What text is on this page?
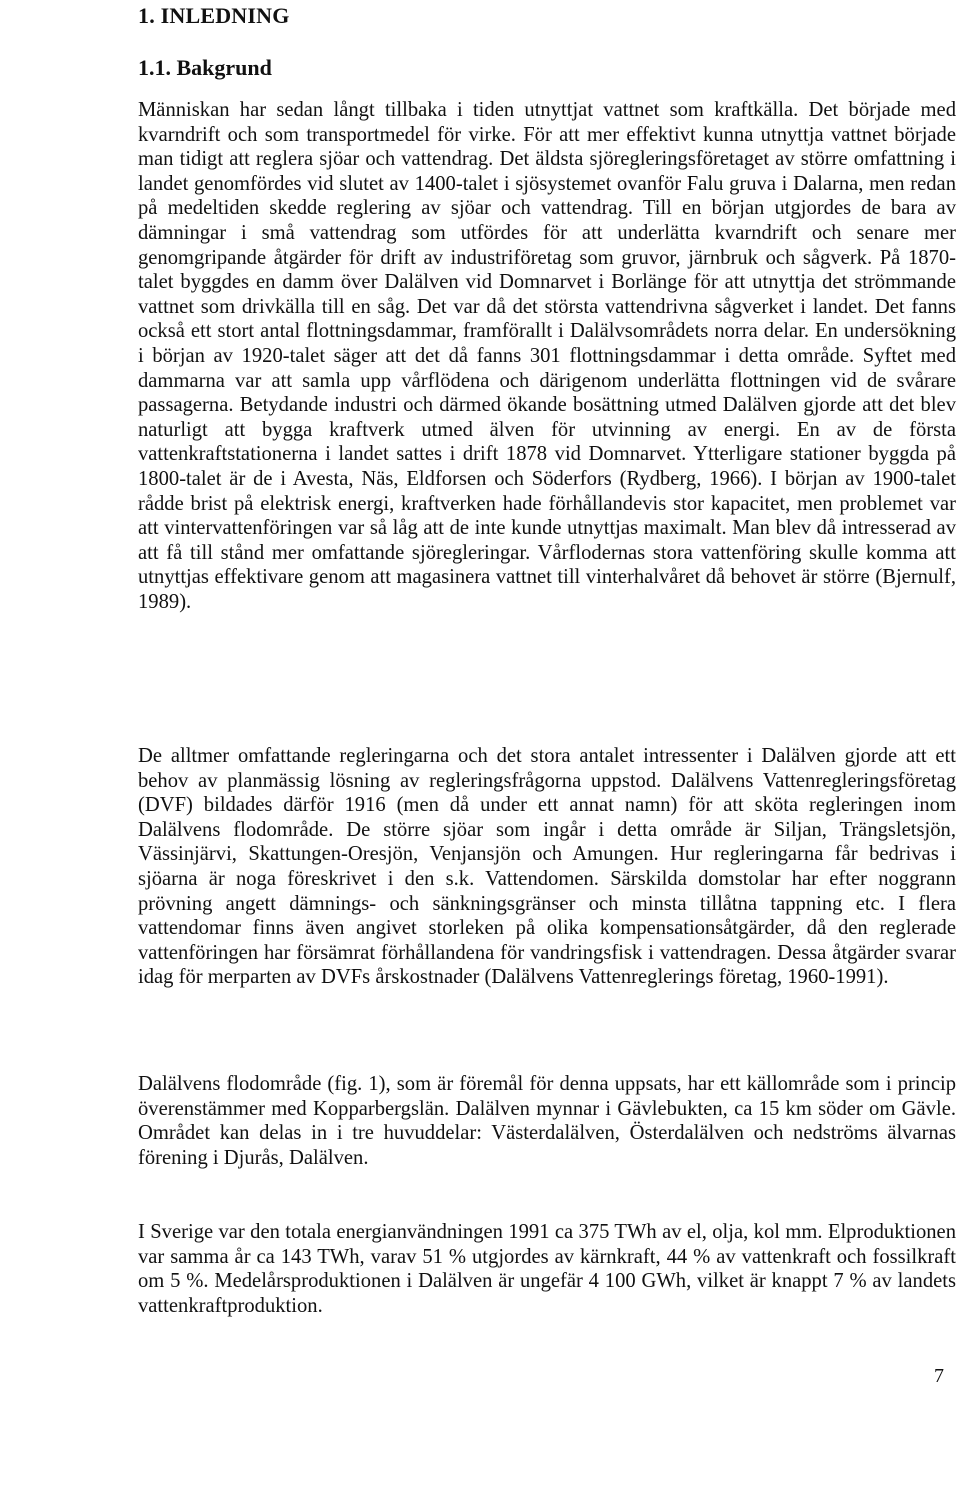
1. INLEDNING
1.1. Bakgrund

Människan har sedan långt tillbaka i tiden utnyttjat vattnet som kraftkälla. Det började med kvarndrift och som transportmedel för virke. För att mer effektivt kunna utnyttja vattnet började man tidigt att reglera sjöar och vattendrag. Det äldsta sjöregleringsföretaget av större omfattning i landet genomfördes vid slutet av 1400-talet i sjösystemet ovanför Falu gruva i Dalarna, men redan på medeltiden skedde reglering av sjöar och vattendrag. Till en början utgjordes de bara av dämningar i små vattendrag som utfördes för att underlätta kvarndrift och senare mer genomgripande åtgärder för drift av industriföretag som gruvor, järnbruk och sågverk. På 1870-talet byggdes en damm över Dalälven vid Domnarvet i Borlänge för att utnyttja det strömmande vattnet som drivkälla till en såg. Det var då det största vattendrivna sågverket i landet. Det fanns också ett stort antal flottningsdammar, framförallt i Dalälvsområdets norra delar. En undersökning i början av 1920-talet säger att det då fanns 301 flottningsdammar i detta område. Syftet med dammarna var att samla upp vårflödena och därigenom underlätta flottningen vid de svårare passagerna. Betydande industri och därmed ökande bosättning utmed Dalälven gjorde att det blev naturligt att bygga kraftverk utmed älven för utvinning av energi. En av de första vattenkraftstationerna i landet sattes i drift 1878 vid Domnarvet. Ytterligare stationer byggda på 1800-talet är de i Avesta, Näs, Eldforsen och Söderfors (Rydberg, 1966). I början av 1900-talet rådde brist på elektrisk energi, kraftverken hade förhållandevis stor kapacitet, men problemet var att vintervattenföringen var så låg att de inte kunde utnyttjas maximalt. Man blev då intresserad av att få till stånd mer omfattande sjöregleringar. Vårflodernas stora vattenföring skulle komma att utnyttjas effektivare genom att magasinera vattnet till vinterhalvåret då behovet är större (Bjernulf, 1989).

De alltmer omfattande regleringarna och det stora antalet intressenter i Dalälven gjorde att ett behov av planmässig lösning av regleringsfrågorna uppstod. Dalälvens Vattenregleringsföretag (DVF) bildades därför 1916 (men då under ett annat namn) för att sköta regleringen inom Dalälvens flodområde. De större sjöar som ingår i detta område är Siljan, Trängsletsjön, Vässinjärvi, Skattungen-Oresjön, Venjansjön och Amungen. Hur regleringarna får bedrivas i sjöarna är noga föreskrivet i den s.k. Vattendomen. Särskilda domstolar har efter noggrann prövning angett dämnings- och sänkningsgränser och minsta tillåtna tappning etc. I flera vattendomar finns även angivet storleken på olika kompensationsåtgärder, då den reglerade vattenföringen har försämrat förhållandena för vandringsfisk i vattendragen. Dessa åtgärder svarar idag för merparten av DVFs årskostnader (Dalälvens Vattenreglerings företag, 1960-1991).

Dalälvens flodområde (fig. 1), som är föremål för denna uppsats, har ett källområde som i princip överenstämmer med Kopparbergslän. Dalälven mynnar i Gävlebukten, ca 15 km söder om Gävle. Området kan delas in i tre huvuddelar: Västerdalälven, Österdalälven och nedströms älvarnas förening i Djurås, Dalälven.

I Sverige var den totala energianvändningen 1991 ca 375 TWh av el, olja, kol mm. Elproduktionen var samma år ca 143 TWh, varav 51 % utgjordes av kärnkraft, 44 % av vattenkraft och fossilkraft om 5 %. Medelårsproduktionen i Dalälven är ungefär 4 100 GWh, vilket är knappt 7 % av landets vattenkraftproduktion.

7
